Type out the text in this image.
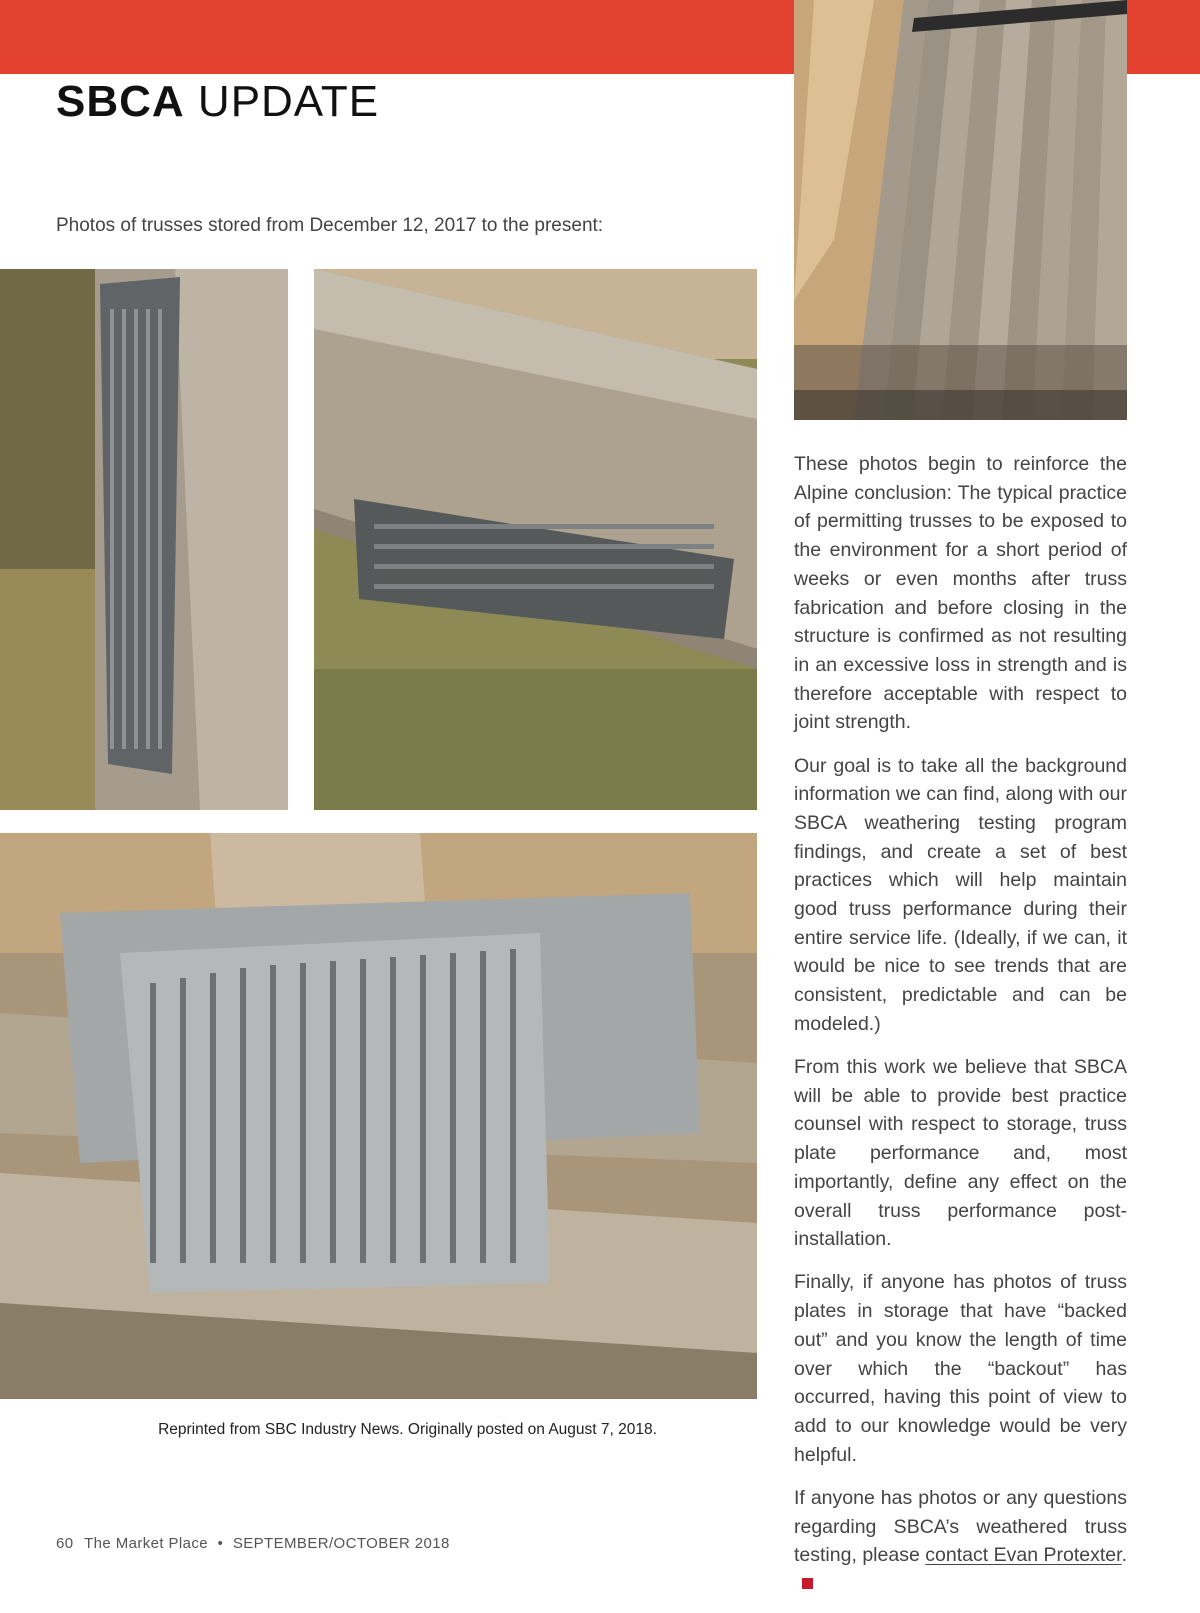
SBCA UPDATE
Photos of trusses stored from December 12, 2017 to the present:
Reprinted from SBC Industry News. Originally posted on August 7, 2018.

These photos begin to reinforce the Alpine conclusion: The typical practice of permitting trusses to be exposed to the environment for a short period of weeks or even months after truss fabrication and before closing in the structure is confirmed as not resulting in an excessive loss in strength and is therefore acceptable with respect to joint strength.

Our goal is to take all the background information we can find, along with our SBCA weathering testing program findings, and create a set of best practices which will help maintain good truss performance during their entire service life. (Ideally, if we can, it would be nice to see trends that are consistent, predictable and can be modeled.)

From this work we believe that SBCA will be able to provide best practice counsel with respect to storage, truss plate performance and, most importantly, define any effect on the overall truss performance post-installation.

Finally, if anyone has photos of truss plates in storage that have “backed out” and you know the length of time over which the “backout” has occurred, having this point of view to add to our knowledge would be very helpful.

If anyone has photos or any questions regarding SBCA’s weathered truss testing, please contact Evan Protexter.

60 The Market Place • SEPTEMBER/OCTOBER 2018
